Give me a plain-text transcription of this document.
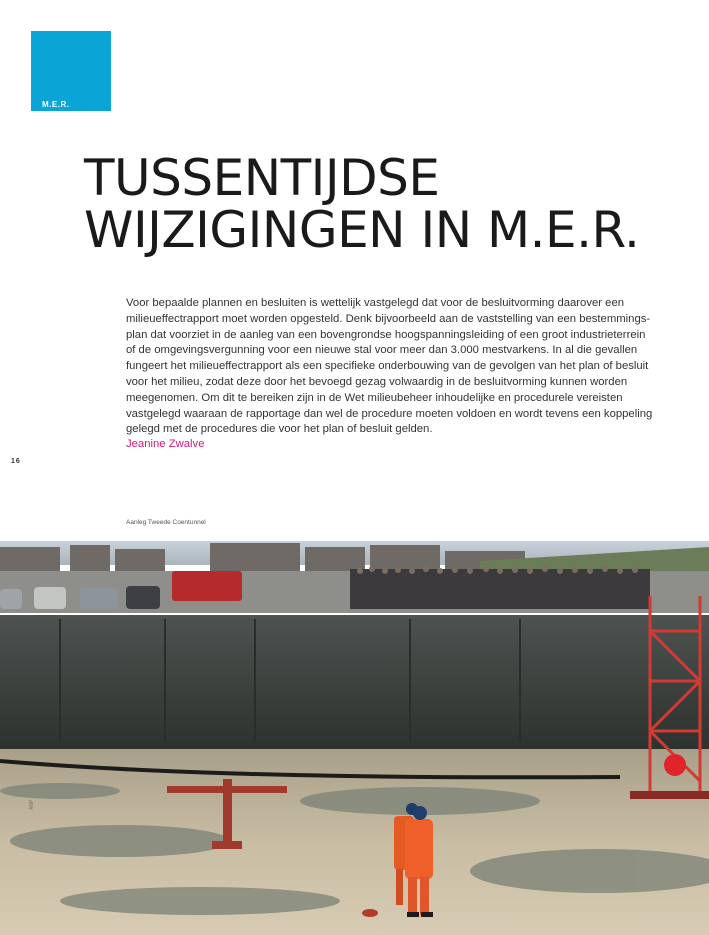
M.E.R.
TUSSENTIJDSE
WIJZIGINGEN IN M.E.R.
Voor bepaalde plannen en besluiten is wettelijk vastgelegd dat voor de besluitvorming daarover een
milieueffectrapport moet worden opgesteld. Denk bijvoorbeeld aan de vaststelling van een bestemmings-
plan dat voorziet in de aanleg van een bovengrondse hoogspanningsleiding of een groot industrieterrein
of de omgevingsvergunning voor een nieuwe stal voor meer dan 3.000 mestvarkens. In al die gevallen
fungeert het milieueffectrapport als een specifieke onderbouwing van de gevolgen van het plan of besluit
voor het milieu, zodat deze door het bevoegd gezag volwaardig in de besluitvorming kunnen worden
meegenomen. Om dit te bereiken zijn in de Wet milieubeheer inhoudelijke en procedurele vereisten
vastgelegd waaraan de rapportage dan wel de procedure moeten voldoen en wordt tevens een koppeling
gelegd met de procedures die voor het plan of besluit gelden.
Jeanine Zwalve
16
Aanleg Tweede Coentunnel
ANP
